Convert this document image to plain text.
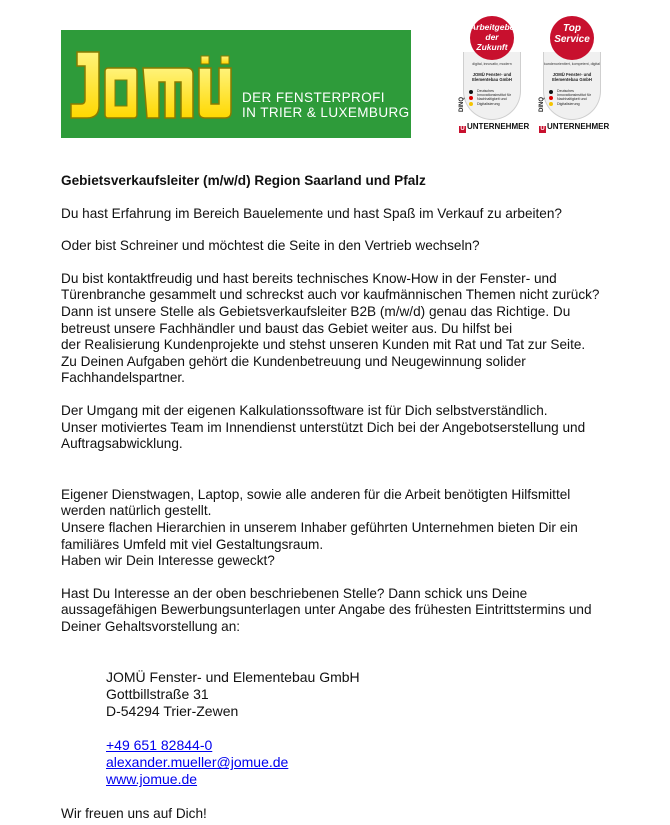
DER FENSTERPROFI
IN TRIER & LUXEMBURG
Arbeitgeber
der Zukunft
digital, innovativ, modern
JOMÜ Fenster- und
Elementebau GmbH
Deutsches Innovationsinstitut für Nachhaltigkeit und Digitalisierung
DINQ
U UNTERNEHMER
Top
Service
kundenorientiert, kompetent, digital
JOMÜ Fenster- und
Elementebau GmbH
Deutsches Innovationsinstitut für Nachhaltigkeit und Digitalisierung
DINQ
U UNTERNEHMER

Gebietsverkaufsleiter (m/w/d) Region Saarland und Pfalz

Du hast Erfahrung im Bereich Bauelemente und hast Spaß im Verkauf zu arbeiten?

Oder bist Schreiner und möchtest die Seite in den Vertrieb wechseln?

Du bist kontaktfreudig und hast bereits technisches Know-How in der Fenster- und
Türenbranche gesammelt und schreckst auch vor kaufmännischen Themen nicht zurück?
Dann ist unsere Stelle als Gebietsverkaufsleiter B2B (m/w/d) genau das Richtige. Du
betreust unsere Fachhändler und baust das Gebiet weiter aus. Du hilfst bei
der Realisierung Kundenprojekte und stehst unseren Kunden mit Rat und Tat zur Seite.
Zu Deinen Aufgaben gehört die Kundenbetreuung und Neugewinnung solider
Fachhandelspartner.

Der Umgang mit der eigenen Kalkulationssoftware ist für Dich selbstverständlich.
Unser motiviertes Team im Innendienst unterstützt Dich bei der Angebotserstellung und
Auftragsabwicklung.

Eigener Dienstwagen, Laptop, sowie alle anderen für die Arbeit benötigten Hilfsmittel
werden natürlich gestellt.
Unsere flachen Hierarchien in unserem Inhaber geführten Unternehmen bieten Dir ein
familiäres Umfeld mit viel Gestaltungsraum.
Haben wir Dein Interesse geweckt?

Hast Du Interesse an der oben beschriebenen Stelle? Dann schick uns Deine
aussagefähigen Bewerbungsunterlagen unter Angabe des frühesten Eintrittstermins und
Deiner Gehaltsvorstellung an:

JOMÜ Fenster- und Elementebau GmbH
Gottbillstraße 31
D-54294 Trier-Zewen
+49 651 82844-0
alexander.mueller@jomue.de
www.jomue.de

Wir freuen uns auf Dich!
